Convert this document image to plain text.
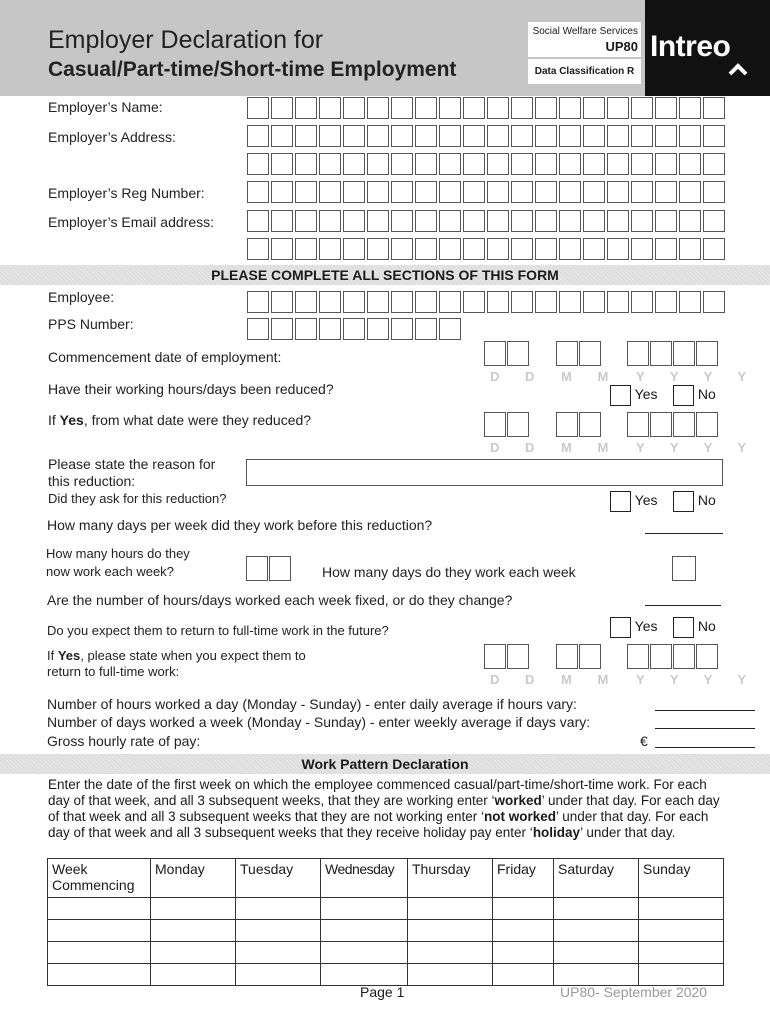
Employer Declaration for
Casual/Part-time/Short-time Employment
Social Welfare Services
UP80
Data Classification R
Intreo
Employer’s Name:
Employer’s Address:
Employer’s Reg Number:
Employer’s Email address:
PLEASE COMPLETE ALL SECTIONS OF THIS FORM
Employee:
PPS Number:
Commencement date of employment:
D D M M Y Y Y Y
Have their working hours/days been reduced?	Yes	No
If Yes, from what date were they reduced?
D D M M Y Y Y Y
Please state the reason for
this reduction:
Did they ask for this reduction?	Yes	No
How many days per week did they work before this reduction?
How many hours do they
now work each week?	How many days do they work each week
Are the number of hours/days worked each week fixed, or do they change?
Do you expect them to return to full-time work in the future?	Yes	No
If Yes, please state when you expect them to
return to full-time work:
D D M M Y Y Y Y
Number of hours worked a day (Monday - Sunday) - enter daily average if hours vary:
Number of days worked a week (Monday - Sunday) - enter weekly average if days vary:
Gross hourly rate of pay:	€
Work Pattern Declaration
Enter the date of the first week on which the employee commenced casual/part-time/short-time work. For each day of that week, and all 3 subsequent weeks, that they are working enter ‘worked’ under that day. For each day of that week and all 3 subsequent weeks that they are not working enter ‘not worked’ under that day. For each day of that week and all 3 subsequent weeks that they receive holiday pay enter ‘holiday’ under that day.
Week Commencing	Monday	Tuesday	Wednesday	Thursday	Friday	Saturday	Sunday

Page 1	UP80- September 2020
